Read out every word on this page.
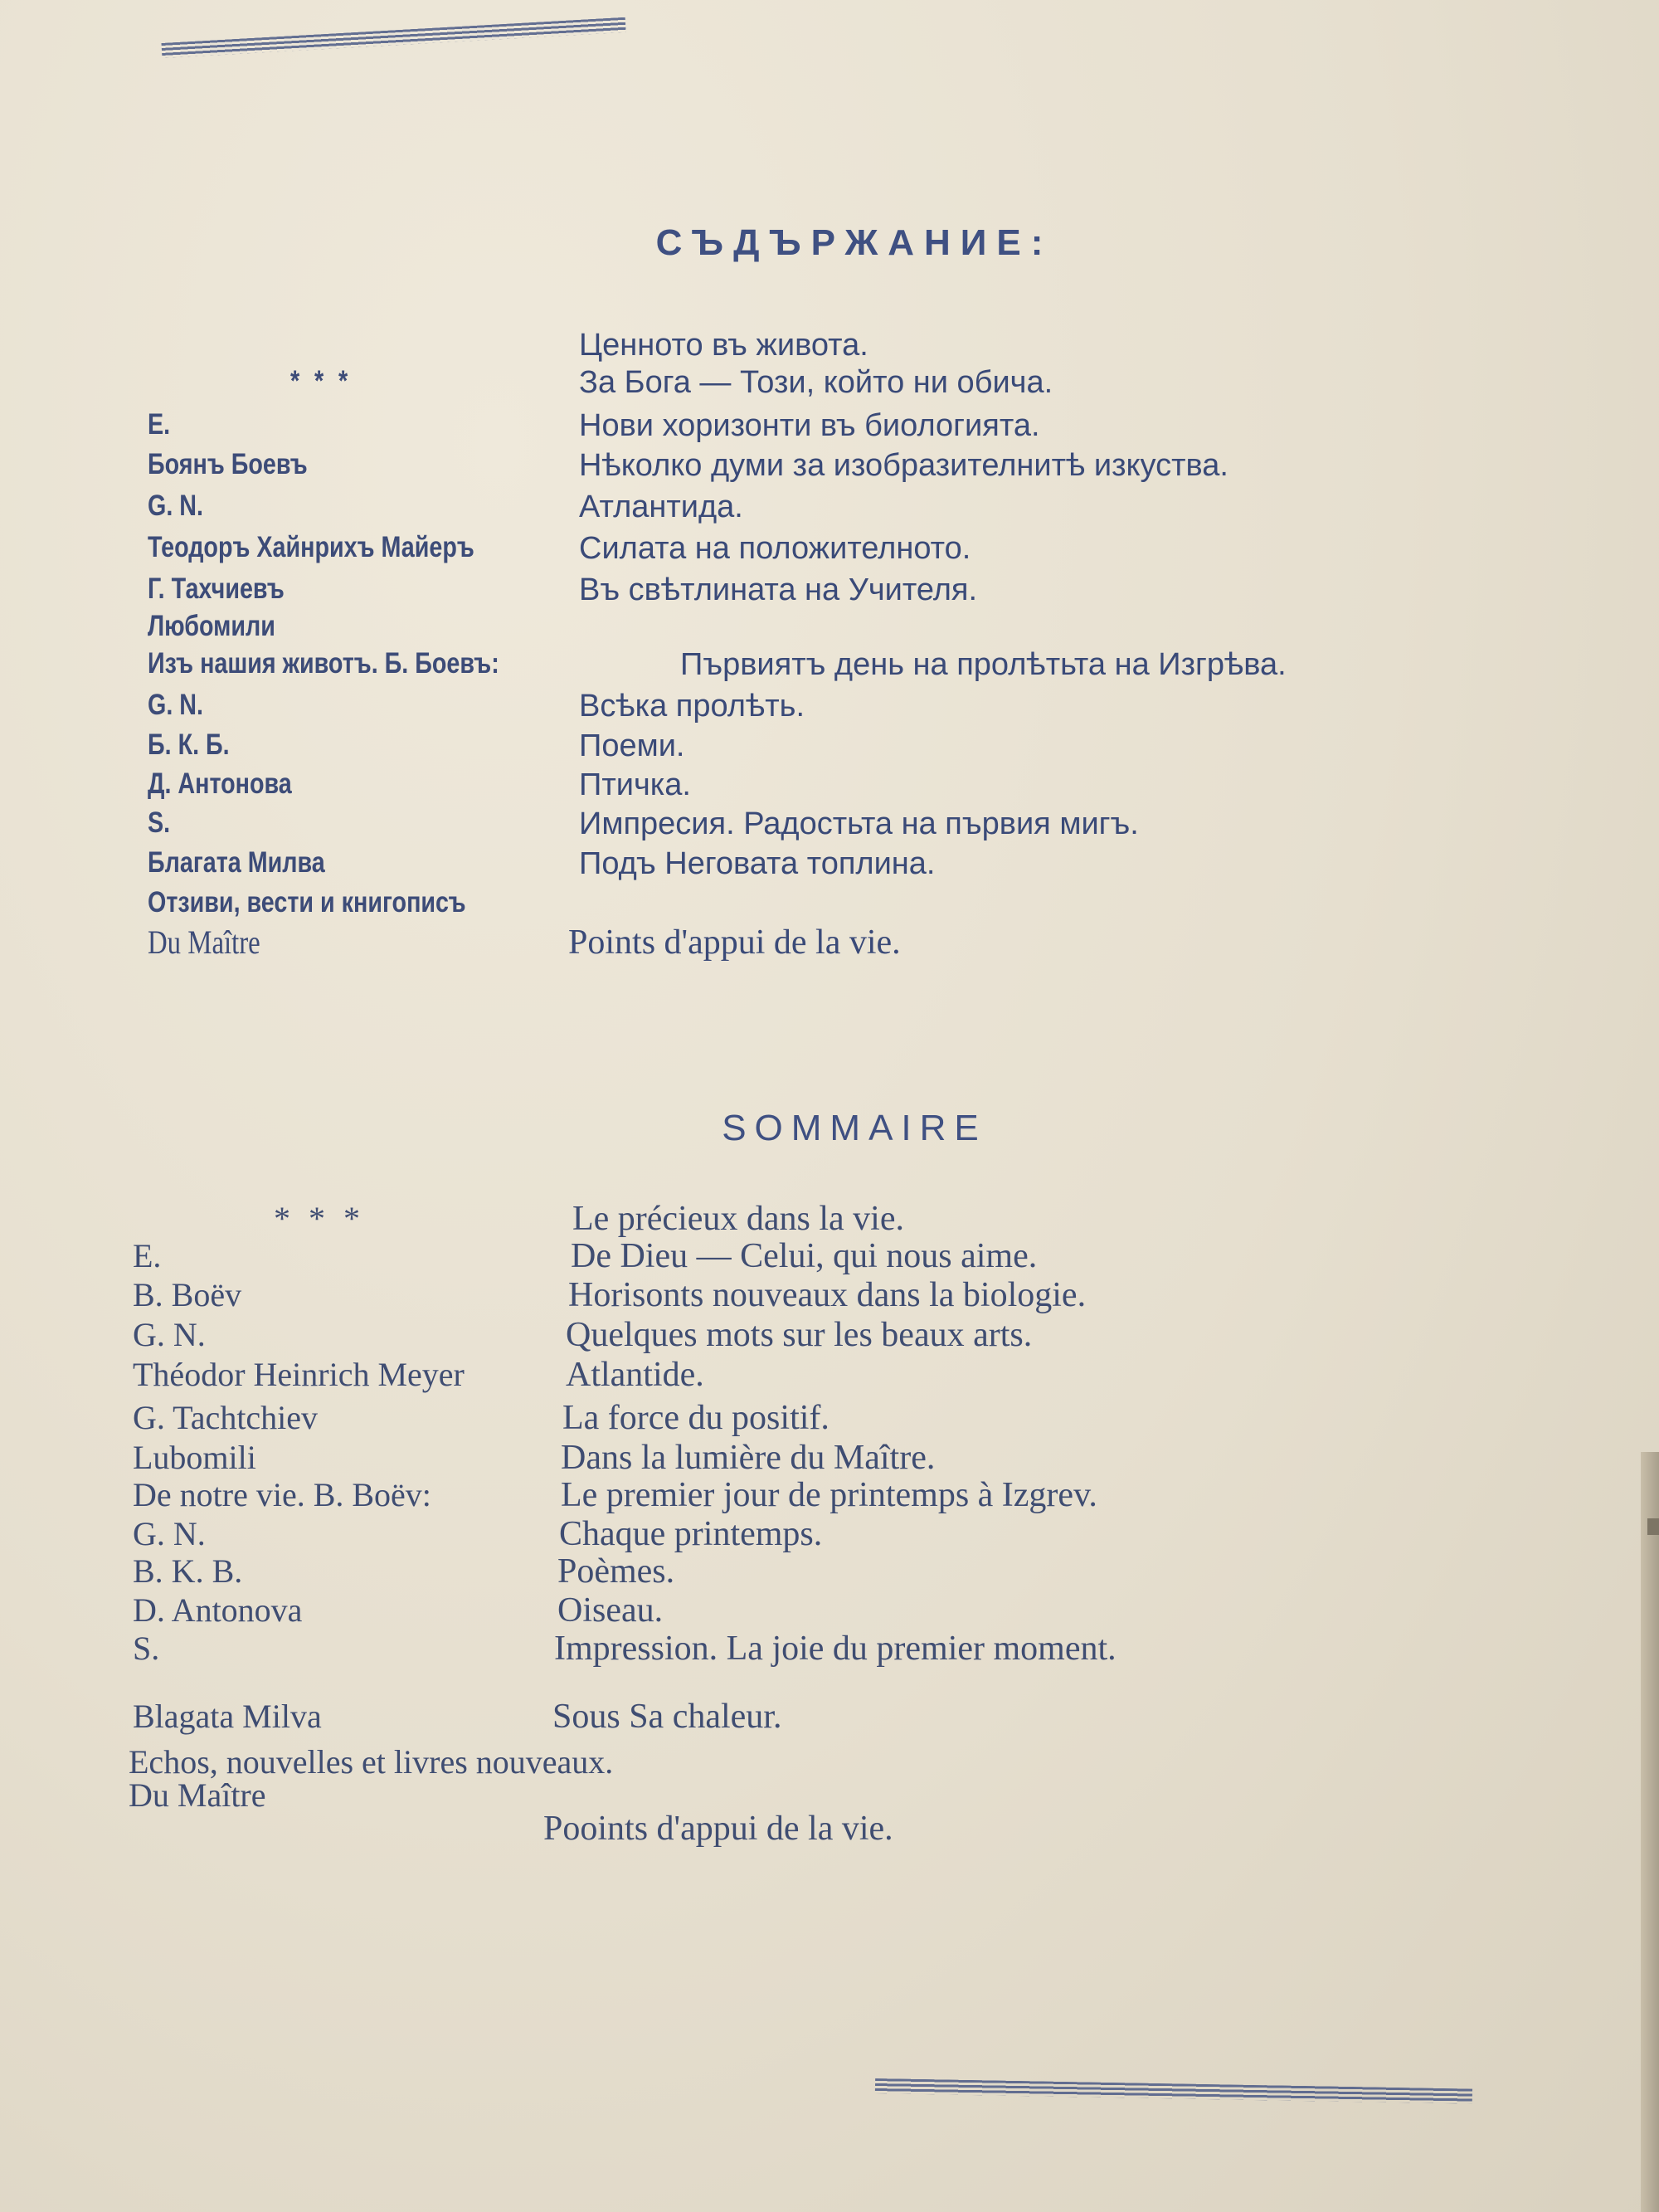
СЪДЪРЖАНИЕ:
Ценното въ живота.
* * *	За Бога — Този, който ни обича.
Е.	Нови хоризонти въ биологията.
Боянъ Боевъ	Нѣколко думи за изобразителнитѣ изкуства.
G. N.	Атлантида.
Теодоръ Хайнрихъ Майеръ	Силата на положителното.
Г. Тахчиевъ	Въ свѣтлината на Учителя.
Любомили
Изъ нашия животъ. Б. Боевъ:	Първиятъ день на пролѣтьта на Изгрѣва.
G. N.	Всѣка пролѣть.
Б. К. Б.	Поеми.
Д. Антонова	Птичка.
S.	Импресия. Радостьта на първия мигъ.
Благата Милва	Подъ Неговата топлина.
Отзиви, вести и книгописъ
Du Maître	Points d'appui de la vie.
SOMMAIRE
* * *	Le précieux dans la vie.
E.	De Dieu — Celui, qui nous aime.
B. Boëv	Horisonts nouveaux dans la biologie.
G. N.	Quelques mots sur les beaux arts.
Théodor Heinrich Meyer	Atlantide.
G. Tachtchiev	La force du positif.
Lubomili	Dans la lumière du Maître.
De notre vie. B. Boëv:	Le premier jour de printemps à Izgrev.
G. N.	Chaque printemps.
B. K. B.	Poèmes.
D. Antonova	Oiseau.
S.	Impression. La joie du premier moment.
Blagata Milva	Sous Sa chaleur.
Echos, nouvelles et livres nouveaux.
Du Maître
Pooints d'appui de la vie.
